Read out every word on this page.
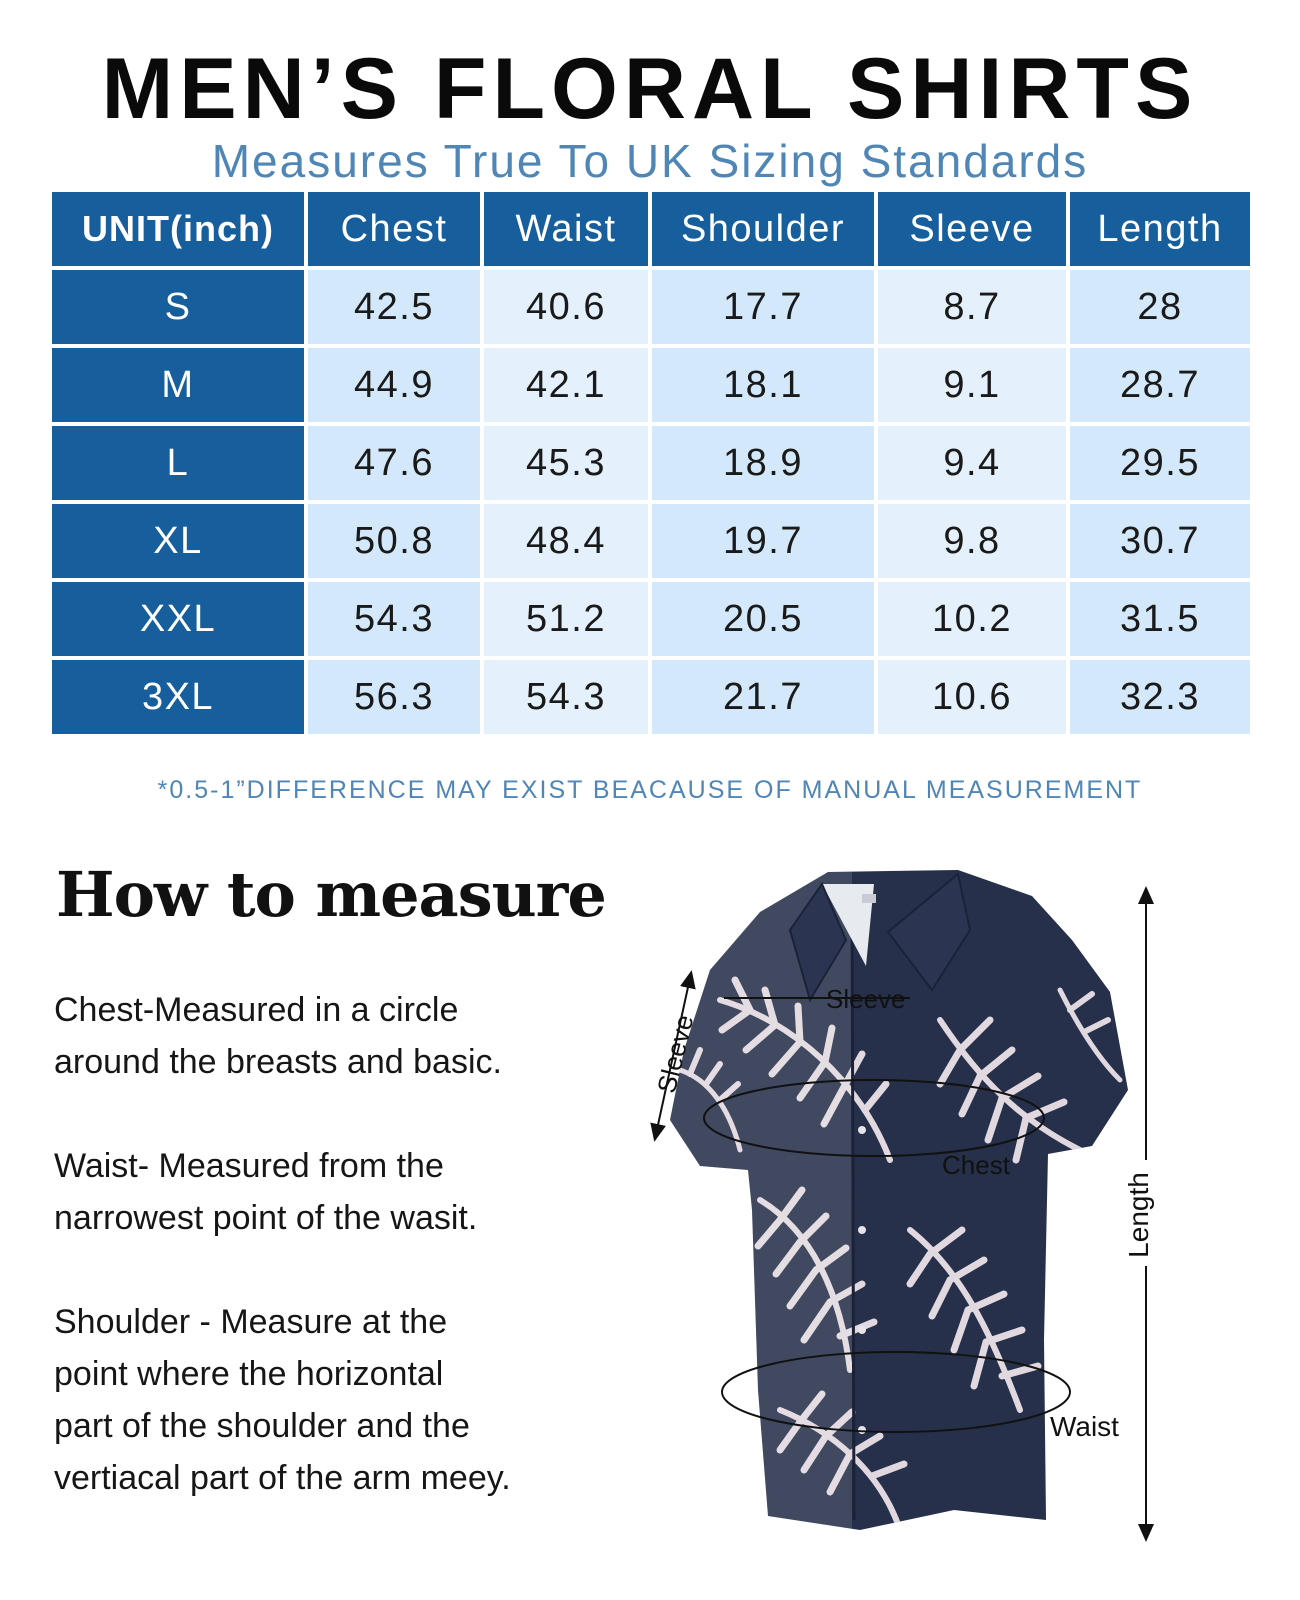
MEN’S FLORAL SHIRTS
Measures True To UK Sizing Standards
UNIT(inch)	Chest	Waist	Shoulder	Sleeve	Length
S	42.5	40.6	17.7	8.7	28
M	44.9	42.1	18.1	9.1	28.7
L	47.6	45.3	18.9	9.4	29.5
XL	50.8	48.4	19.7	9.8	30.7
XXL	54.3	51.2	20.5	10.2	31.5
3XL	56.3	54.3	21.7	10.6	32.3
*0.5-1”DIFFERENCE MAY EXIST BEACAUSE OF MANUAL MEASUREMENT
How to measure

Chest-Measured in a circle
around the breasts and basic.

Waist- Measured from the
narrowest point of the wasit.

Shoulder - Measure at the
point where the horizontal
part of the shoulder and the
vertiacal part of the arm meey.

Sleeve
Sleeve
Chest
Length
Waist
